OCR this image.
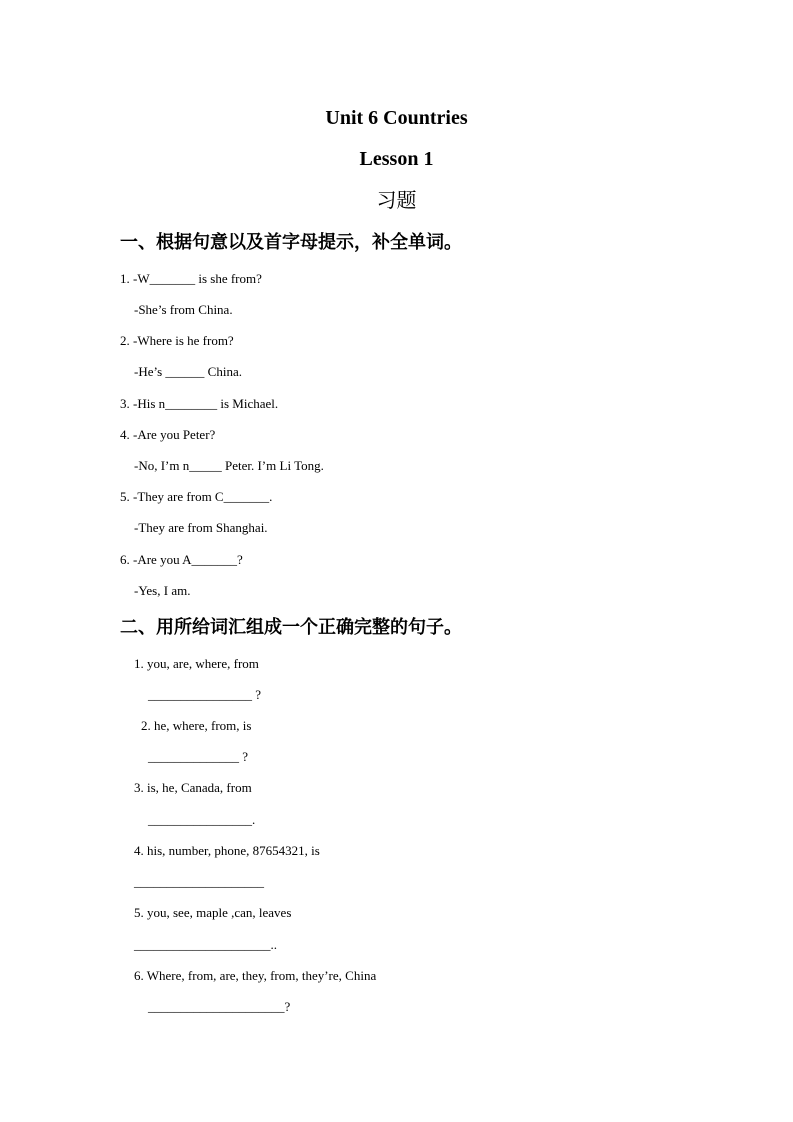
Unit 6 Countries
Lesson 1
习题
一、根据句意以及首字母提示，补全单词。
1. -W_______ is she from?
-She’s from China.
2. -Where is he from?
-He’s ______ China.
3. -His n________ is Michael.
4. -Are you Peter?
-No, I’m n_____ Peter. I’m Li Tong.
5. -They are from C_______.
-They are from Shanghai.
6. -Are you A_______?
-Yes, I am.
二、用所给词汇组成一个正确完整的句子。
1. you, are, where, from
________________ ?
2. he, where, from, is
______________ ?
3. is, he, Canada, from
________________.
4. his, number, phone, 87654321, is
____________________
5. you, see, maple ,can, leaves
_____________________..
6. Where, from, are, they, from, they’re, China
_____________________?
